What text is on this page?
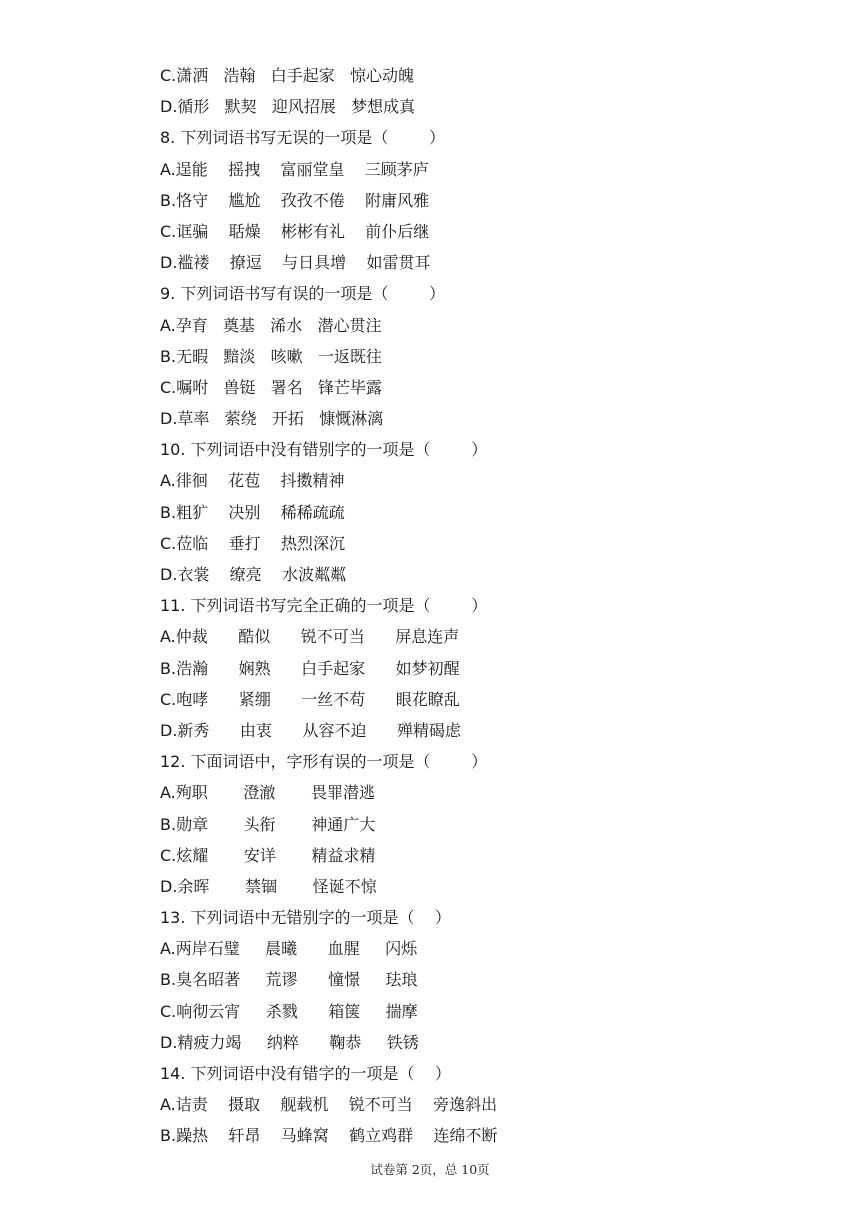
C.潇洒   浩翰   白手起家   惊心动魄
D.循形   默契   迎风招展   梦想成真
8. 下列词语书写无误的一项是（        ）
A.逞能    摇拽    富丽堂皇    三顾茅庐
B.恪守    尴尬    孜孜不倦    附庸风雅
C.诓骗    聒燥    彬彬有礼    前仆后继
D.褴褛    撩逗    与日具增    如雷贯耳
9. 下列词语书写有误的一项是（        ）
A.孕育   奠基   浠水   潜心贯注
B.无暇   黯淡   咳嗽   一返既往
C.嘱咐   兽铤   署名   锋芒毕露
D.草率   萦绕   开拓   慷慨淋漓
10. 下列词语中没有错别字的一项是（        ）
A.徘徊    花苞    抖擞精神
B.粗犷    决别    稀稀疏疏
C.莅临    垂打    热烈深沉
D.衣裳    缭亮    水波粼粼
11. 下列词语书写完全正确的一项是（        ）
A.仲裁      酷似      锐不可当      屏息连声
B.浩瀚      娴熟      白手起家      如梦初醒
C.咆哮      紧绷      一丝不苟      眼花瞭乱
D.新秀      由衷      从容不迫      殚精碣虑
12. 下面词语中，字形有误的一项是（        ）
A.殉职       澄澈       畏罪潜逃
B.勋章       头衔       神通广大
C.炫耀       安详       精益求精
D.余晖       禁锢       怪诞不惊
13. 下列词语中无错别字的一项是（    ）
A.两岸石璧     晨曦      血腥     闪烁
B.臭名昭著     荒谬      憧憬     珐琅
C.响彻云宵     杀戮      箱箧     揣摩
D.精疲力竭     纳粹      鞠恭     铁锈
14. 下列词语中没有错字的一项是（    ）
A.诘责    摄取    舰载机    锐不可当    旁逸斜出
B.躁热    轩昂    马蜂窝    鹤立鸡群    连绵不断
试卷第 2页，总 10页
